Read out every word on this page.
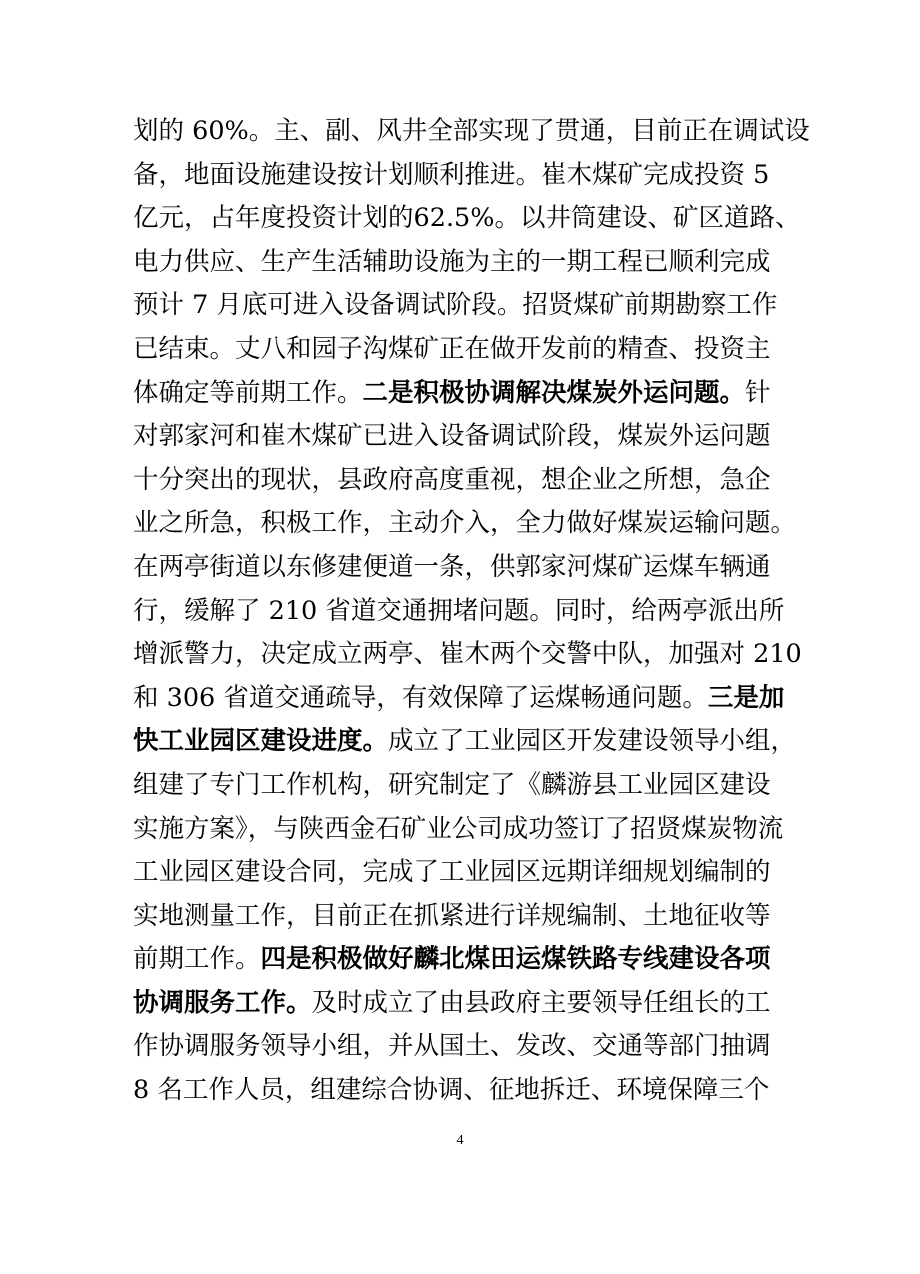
划的 60%。主、副、风井全部实现了贯通，目前正在调试设
备，地面设施建设按计划顺利推进。崔木煤矿完成投资 5
亿元，占年度投资计划的62.5%。以井筒建设、矿区道路、
电力供应、生产生活辅助设施为主的一期工程已顺利完成
预计 7 月底可进入设备调试阶段。招贤煤矿前期勘察工作
已结束。丈八和园子沟煤矿正在做开发前的精查、投资主
体确定等前期工作。二是积极协调解决煤炭外运问题。针
对郭家河和崔木煤矿已进入设备调试阶段，煤炭外运问题
十分突出的现状，县政府高度重视，想企业之所想，急企
业之所急，积极工作，主动介入，全力做好煤炭运输问题。
在两亭街道以东修建便道一条，供郭家河煤矿运煤车辆通
行，缓解了 210 省道交通拥堵问题。同时，给两亭派出所
增派警力，决定成立两亭、崔木两个交警中队，加强对 210
和 306 省道交通疏导，有效保障了运煤畅通问题。三是加
快工业园区建设进度。成立了工业园区开发建设领导小组，
组建了专门工作机构，研究制定了《麟游县工业园区建设
实施方案》，与陕西金石矿业公司成功签订了招贤煤炭物流
工业园区建设合同，完成了工业园区远期详细规划编制的
实地测量工作，目前正在抓紧进行详规编制、土地征收等
前期工作。四是积极做好麟北煤田运煤铁路专线建设各项
协调服务工作。及时成立了由县政府主要领导任组长的工
作协调服务领导小组，并从国土、发改、交通等部门抽调
8 名工作人员，组建综合协调、征地拆迁、环境保障三个
4
